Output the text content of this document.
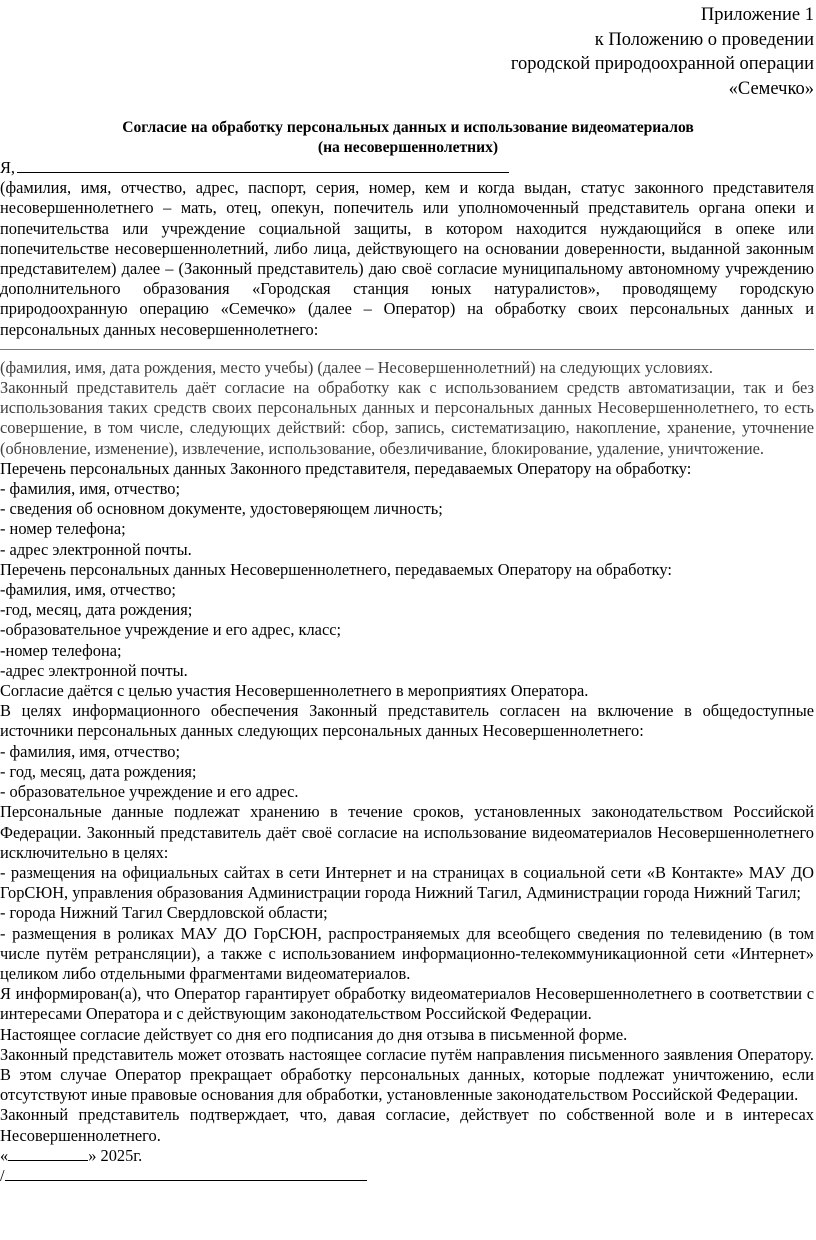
Приложение 1
к Положению о проведении
городской природоохранной операции
«Семечко»
Согласие на обработку персональных данных и использование видеоматериалов
(на несовершеннолетних)

Я,

(фамилия, имя, отчество, адрес, паспорт, серия, номер, кем и когда выдан, статус законного представителя несовершеннолетнего – мать, отец, опекун, попечитель или уполномоченный представитель органа опеки и попечительства или учреждение социальной защиты, в котором находится нуждающийся в опеке или попечительстве несовершеннолетний, либо лица, действующего на основании доверенности, выданной законным представителем) далее – (Законный представитель) даю своё согласие муниципальному автономному учреждению дополнительного образования «Городская станция юных натуралистов», проводящему городскую природоохранную операцию «Семечко» (далее – Оператор) на обработку своих персональных данных и персональных данных несовершеннолетнего:

(фамилия, имя, дата рождения, место учебы) (далее – Несовершеннолетний) на следующих условиях.

Законный представитель даёт согласие на обработку как с использованием средств автоматизации, так и без использования таких средств своих персональных данных и персональных данных Несовершеннолетнего, то есть совершение, в том числе, следующих действий: сбор, запись, систематизацию, накопление, хранение, уточнение (обновление, изменение), извлечение, использование, обезличивание, блокирование, удаление, уничтожение.

Перечень персональных данных Законного представителя, передаваемых Оператору на обработку:

- фамилия, имя, отчество;

- сведения об основном документе, удостоверяющем личность;

- номер телефона;

- адрес электронной почты.

Перечень персональных данных Несовершеннолетнего, передаваемых Оператору на обработку:

-фамилия, имя, отчество;

-год, месяц, дата рождения;

-образовательное учреждение и его адрес, класс;

-номер телефона;

-адрес электронной почты.

Согласие даётся с целью участия Несовершеннолетнего в мероприятиях Оператора.

В целях информационного обеспечения Законный представитель согласен на включение в общедоступные источники персональных данных следующих персональных данных Несовершеннолетнего:

- фамилия, имя, отчество;

- год, месяц, дата рождения;

- образовательное учреждение и его адрес.

Персональные данные подлежат хранению в течение сроков, установленных законодательством Российской Федерации. Законный представитель даёт своё согласие на использование видеоматериалов Несовершеннолетнего исключительно в целях:

- размещения на официальных сайтах в сети Интернет и на страницах в социальной сети «В Контакте» МАУ ДО ГорСЮН, управления образования Администрации города Нижний Тагил, Администрации города Нижний Тагил;

- города Нижний Тагил Свердловской области;

- размещения в роликах МАУ ДО ГорСЮН, распространяемых для всеобщего сведения по телевидению (в том числе путём ретрансляции), а также с использованием информационно-телекоммуникационной сети «Интернет» целиком либо отдельными фрагментами видеоматериалов.

Я информирован(а), что Оператор гарантирует обработку видеоматериалов Несовершеннолетнего в соответствии с интересами Оператора и с действующим законодательством Российской Федерации.

Настоящее согласие действует со дня его подписания до дня отзыва в письменной форме.

Законный представитель может отозвать настоящее согласие путём направления письменного заявления Оператору. В этом случае Оператор прекращает обработку персональных данных, которые подлежат уничтожению, если отсутствуют иные правовые основания для обработки, установленные законодательством Российской Федерации.

Законный представитель подтверждает, что, давая согласие, действует по собственной воле и в интересах Несовершеннолетнего.

«	» 2025г.

/
